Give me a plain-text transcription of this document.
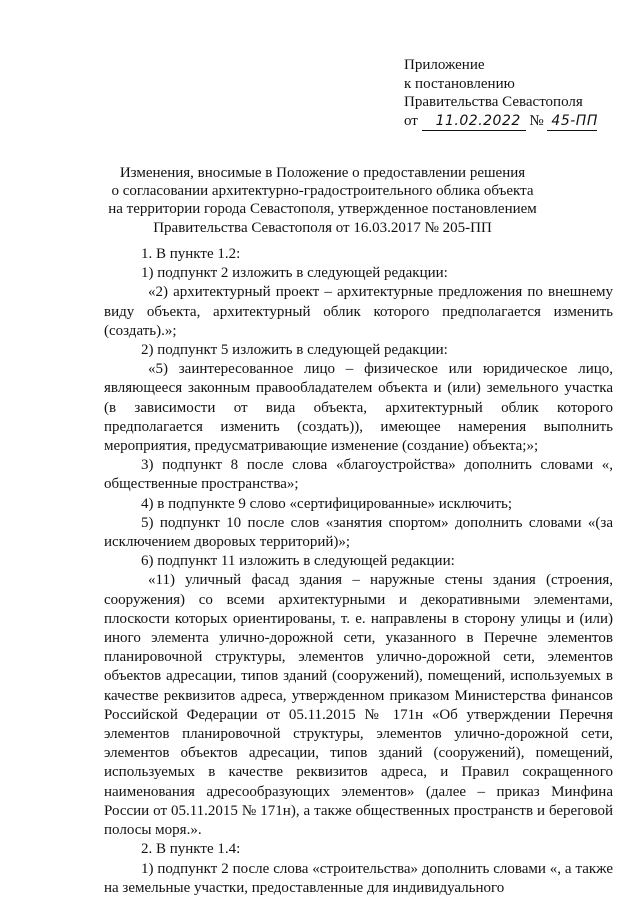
Приложение
к постановлению
Правительства Севастополя
от 11.02.2022 № 45-ПП
Изменения, вносимые в Положение о предоставлении решения
о согласовании архитектурно-градостроительного облика объекта
на территории города Севастополя, утвержденное постановлением
Правительства Севастополя от 16.03.2017 № 205-ПП

1. В пункте 1.2:

1) подпункт 2 изложить в следующей редакции:

«2) архитектурный проект – архитектурные предложения по внешнему виду объекта, архитектурный облик которого предполагается изменить (создать).»;

2) подпункт 5 изложить в следующей редакции:

«5) заинтересованное лицо – физическое или юридическое лицо, являющееся законным правообладателем объекта и (или) земельного участка (в зависимости от вида объекта, архитектурный облик которого предполагается изменить (создать)), имеющее намерения выполнить мероприятия, предусматривающие изменение (создание) объекта;»;

3) подпункт 8 после слова «благоустройства» дополнить словами «, общественные пространства»;

4) в подпункте 9 слово «сертифицированные» исключить;

5) подпункт 10 после слов «занятия спортом» дополнить словами «(за исключением дворовых территорий)»;

6) подпункт 11 изложить в следующей редакции:

«11) уличный фасад здания – наружные стены здания (строения, сооружения) со всеми архитектурными и декоративными элементами, плоскости которых ориентированы, т. е. направлены в сторону улицы и (или) иного элемента улично-дорожной сети, указанного в Перечне элементов планировочной структуры, элементов улично-дорожной сети, элементов объектов адресации, типов зданий (сооружений), помещений, используемых в качестве реквизитов адреса, утвержденном приказом Министерства финансов Российской Федерации от 05.11.2015 № 171н «Об утверждении Перечня элементов планировочной структуры, элементов улично-дорожной сети, элементов объектов адресации, типов зданий (сооружений), помещений, используемых в качестве реквизитов адреса, и Правил сокращенного наименования адресообразующих элементов» (далее – приказ Минфина России от 05.11.2015 № 171н), а также общественных пространств и береговой полосы моря.».

2. В пункте 1.4:

1) подпункт 2 после слова «строительства» дополнить словами «, а также на земельные участки, предоставленные для индивидуального
